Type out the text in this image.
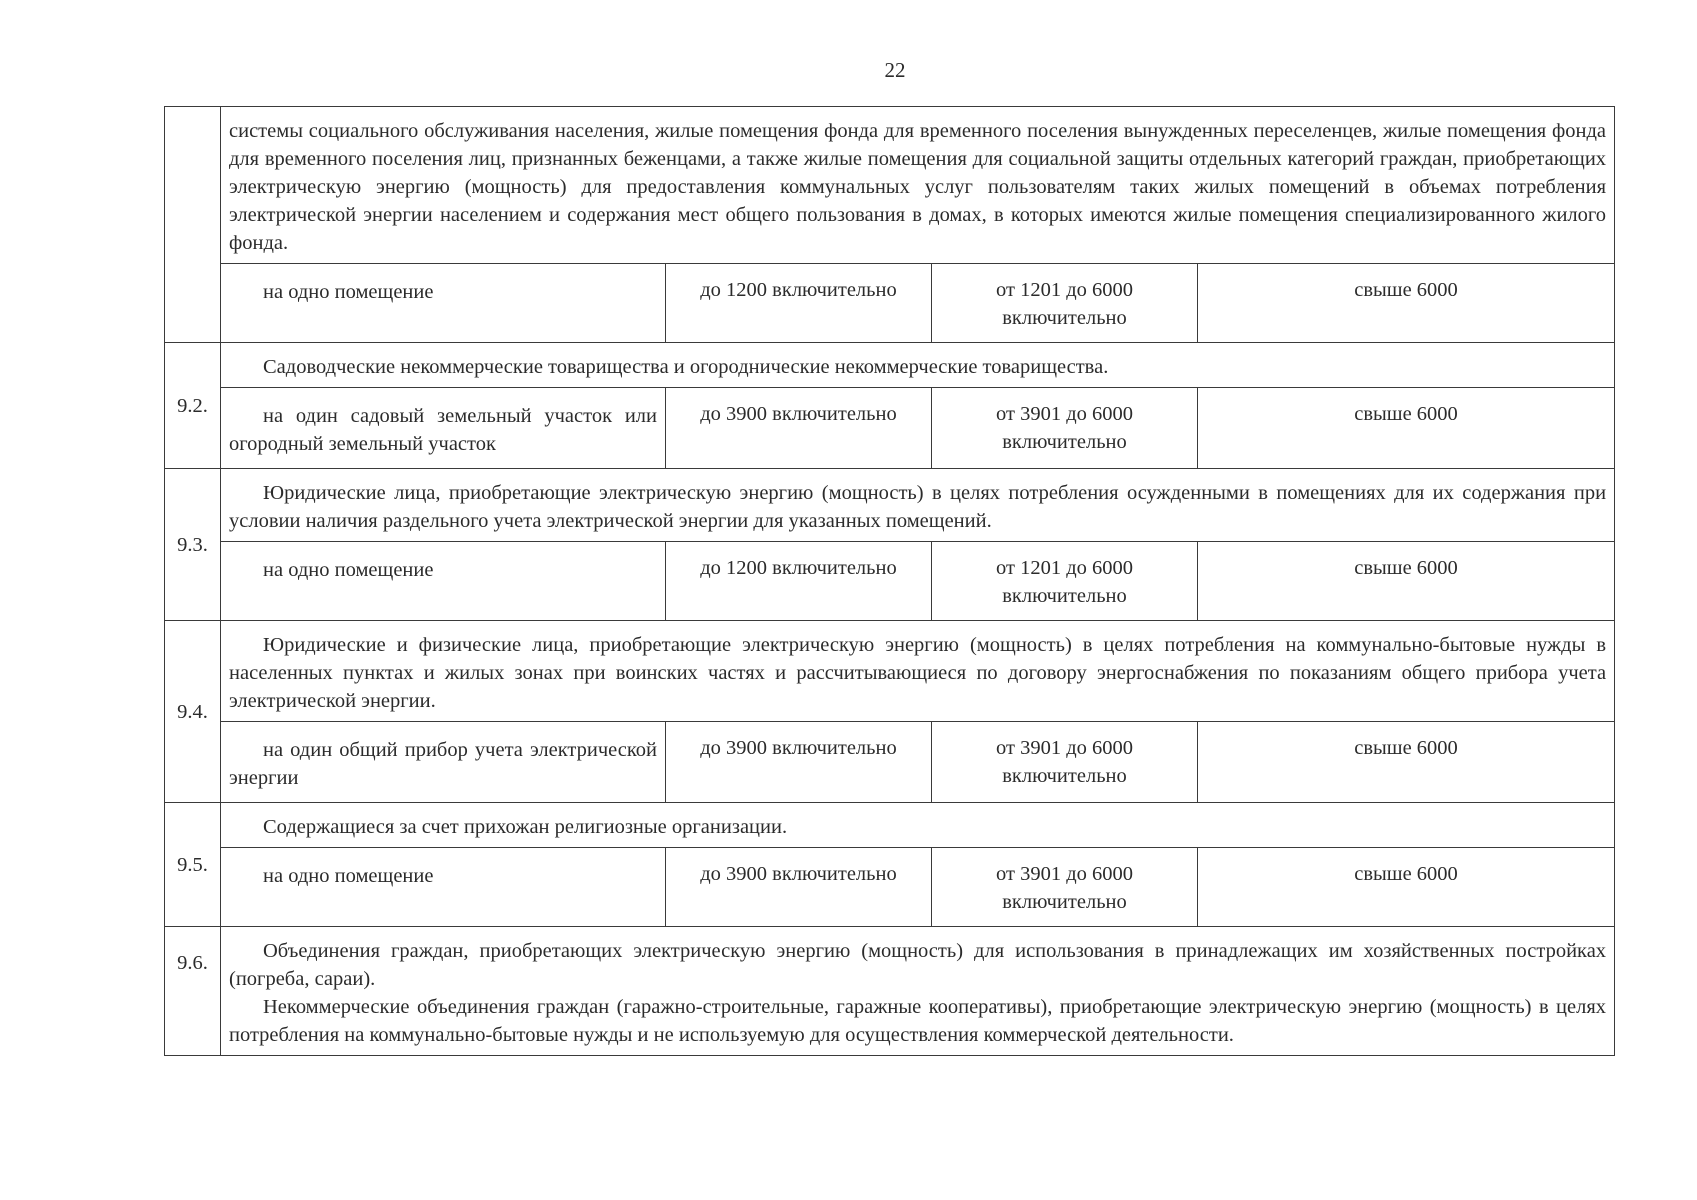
22
	системы социального обслуживания населения, жилые помещения фонда для временного поселения вынужденных переселенцев, жилые помещения фонда для временного поселения лиц, признанных беженцами, а также жилые помещения для социальной защиты отдельных категорий граждан, приобретающих электрическую энергию (мощность) для предоставления коммунальных услуг пользователям таких жилых помещений в объемах потребления электрической энергии населением и содержания мест общего пользования в домах, в которых имеются жилые помещения специализированного жилого фонда.			
	на одно помещение	до 1200 включительно	от 1201 до 6000 включительно	свыше 6000
9.2.	Садоводческие некоммерческие товарищества и огороднические некоммерческие товарищества.			
	на один садовый земельный участок или огородный земельный участок	до 3900 включительно	от 3901 до 6000 включительно	свыше 6000
9.3.	Юридические лица, приобретающие электрическую энергию (мощность) в целях потребления осужденными в помещениях для их содержания при условии наличия раздельного учета электрической энергии для указанных помещений.			
	на одно помещение	до 1200 включительно	от 1201 до 6000 включительно	свыше 6000
9.4.	Юридические и физические лица, приобретающие электрическую энергию (мощность) в целях потребления на коммунально-бытовые нужды в населенных пунктах и жилых зонах при воинских частях и рассчитывающиеся по договору энергоснабжения по показаниям общего прибора учета электрической энергии.			
	на один общий прибор учета электрической энергии	до 3900 включительно	от 3901 до 6000 включительно	свыше 6000
9.5.	Содержащиеся за счет прихожан религиозные организации.			
	на одно помещение	до 3900 включительно	от 3901 до 6000 включительно	свыше 6000
9.6.	Объединения граждан, приобретающих электрическую энергию (мощность) для использования в принадлежащих им хозяйственных постройках (погреба, сараи).

Некоммерческие объединения граждан (гаражно-строительные, гаражные кооперативы), приобретающие электрическую энергию (мощность) в целях потребления на коммунально-бытовые нужды и не используемую для осуществления коммерческой деятельности.			
